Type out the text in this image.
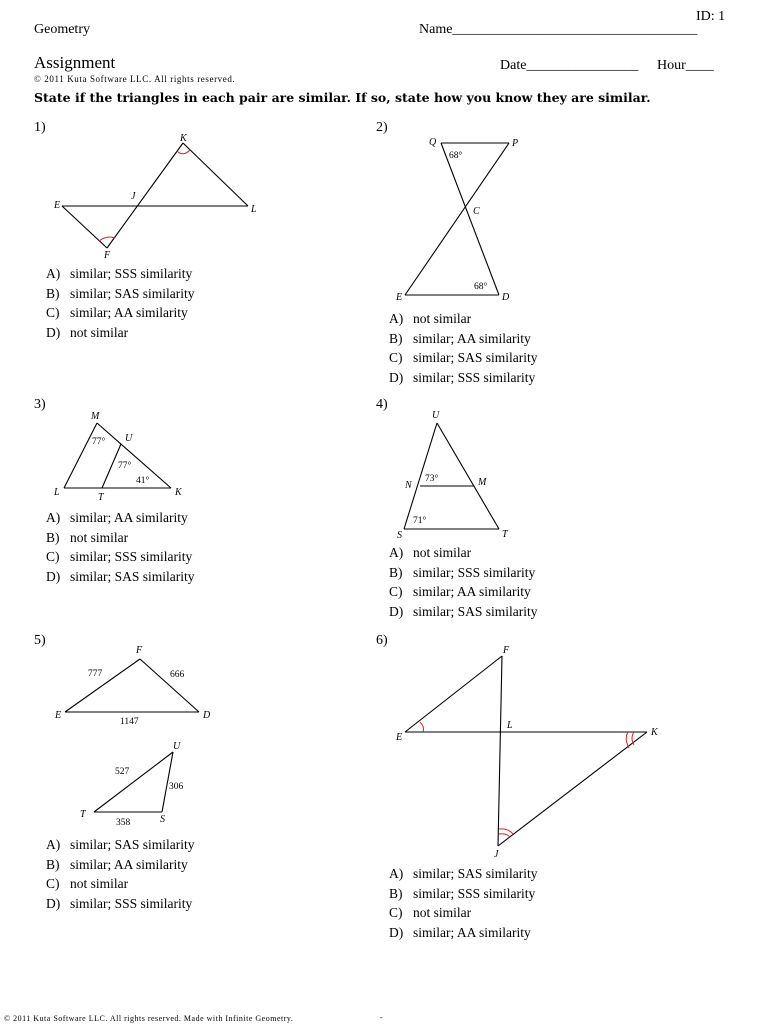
ID: 1
Geometry	Name___________________________________
Assignment	Date________________ Hour____
© 2011 Kuta Software LLC. All rights reserved.
State if the triangles in each pair are similar. If so, state how you know they are similar.
1)
K
J
E	L
F
A) similar; SSS similarity
B) similar; SAS similarity
C) similar; AA similarity
D) not similar
2)
Q	P
C
E	D
68°
68°
A) not similar
B) similar; AA similarity
C) similar; SAS similarity
D) similar; SSS similarity
3)
M
U
L	T	K
77°
77°
41°
A) similar; AA similarity
B) not similar
C) similar; SSS similarity
D) similar; SAS similarity
4)
U
N	M
S	T
73°
71°
A) not similar
B) similar; SSS similarity
C) similar; AA similarity
D) similar; SAS similarity
5)
F
E	D
777	666
1147
U
T	S
527
306
358
A) similar; SAS similarity
B) similar; AA similarity
C) not similar
D) similar; SSS similarity
6)
F
E
L
K
J
A) similar; SAS similarity
B) similar; SSS similarity
C) not similar
D) similar; AA similarity
© 2011 Kuta Software LLC. All rights reserved. Made with Infinite Geometry.	-
